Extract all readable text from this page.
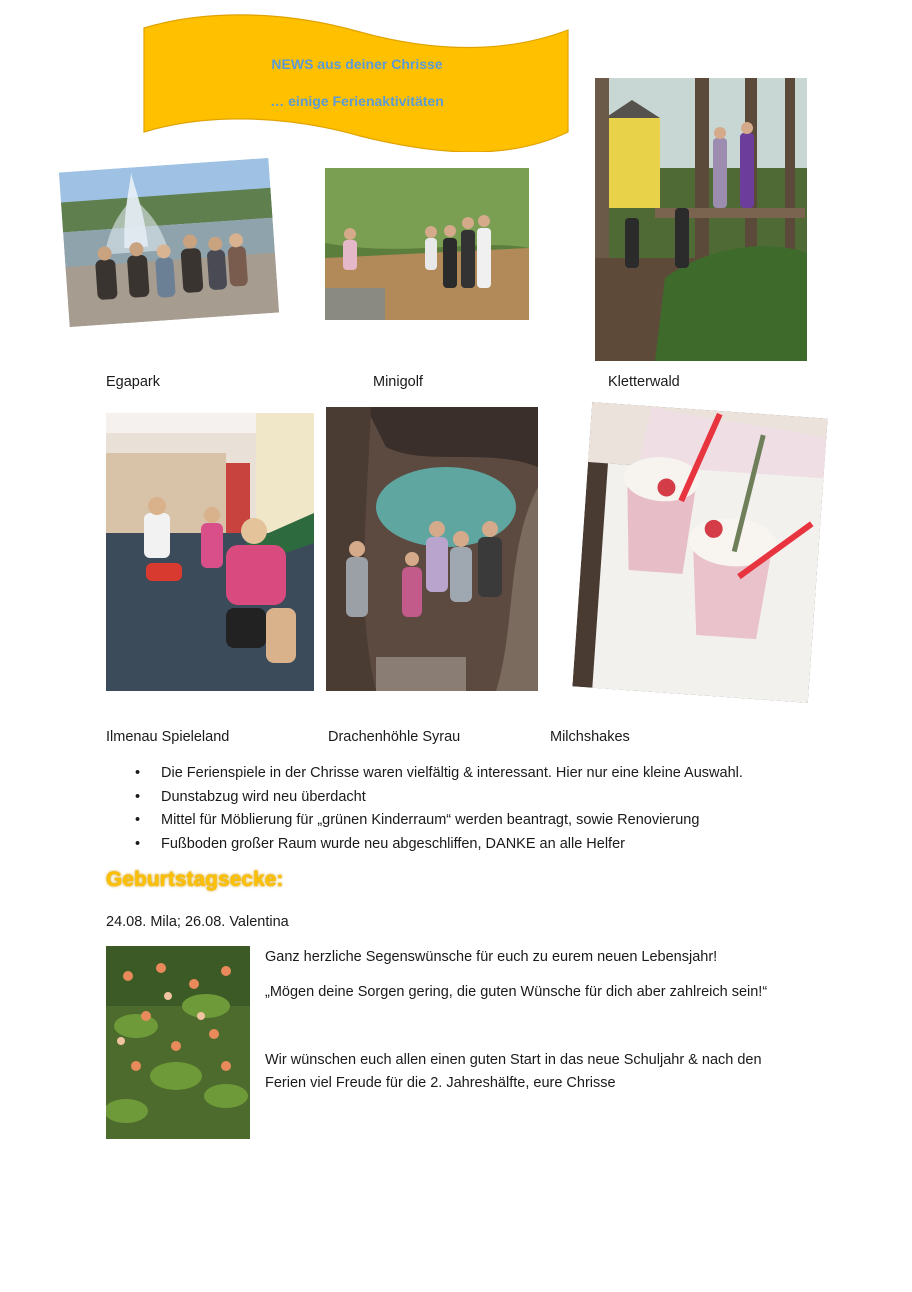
NEWS aus deiner Chrisse
… einige Ferienaktivitäten
Egapark	Minigolf	Kletterwald
Ilmenau Spieleland	Drachenhöhle Syrau	Milchshakes
• Die Ferienspiele in der Chrisse waren vielfältig & interessant. Hier nur eine kleine Auswahl.
• Dunstabzug wird neu überdacht
• Mittel für Möblierung für „grünen Kinderraum“ werden beantragt, sowie Renovierung
• Fußboden großer Raum wurde neu abgeschliffen, DANKE an alle Helfer
Geburtstagsecke:
24.08. Mila; 26.08. Valentina
Ganz herzliche Segenswünsche für euch zu eurem neuen Lebensjahr!
„Mögen deine Sorgen gering, die guten Wünsche für dich aber zahlreich sein!“
Wir wünschen euch allen einen guten Start in das neue Schuljahr & nach den Ferien viel Freude für die 2. Jahreshälfte, eure Chrisse
